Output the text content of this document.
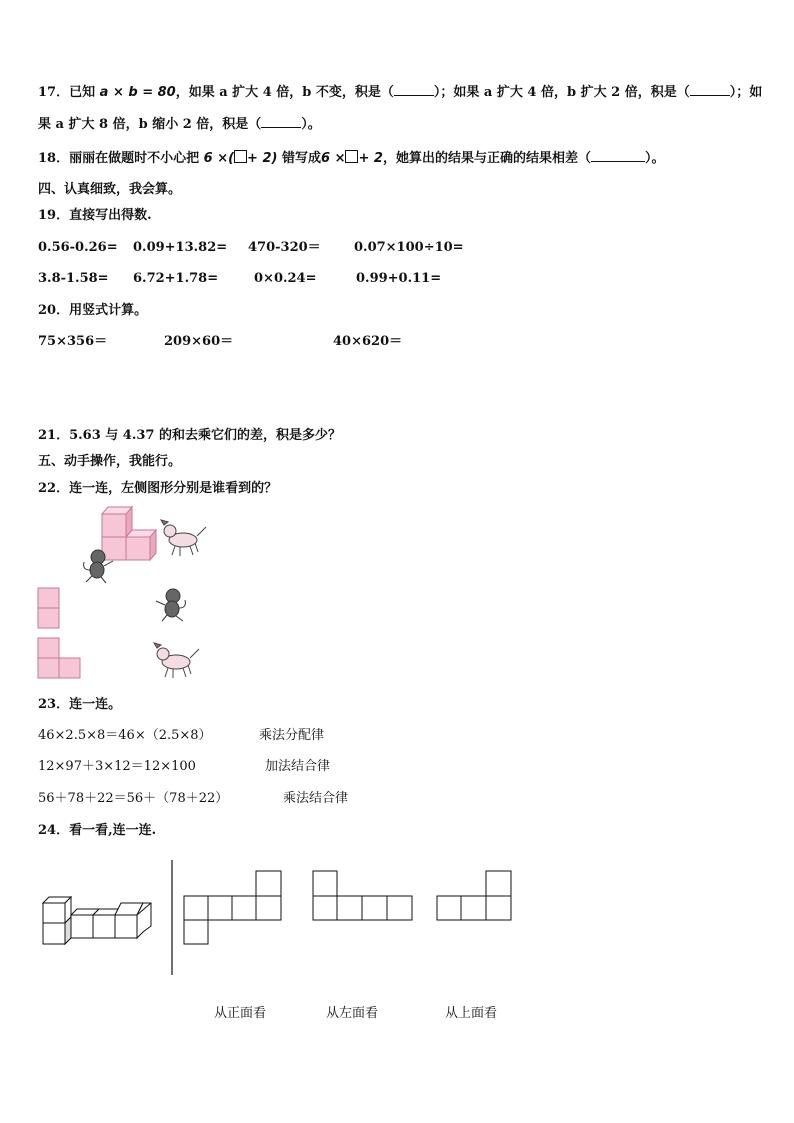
17．已知 a × b = 80，如果 a 扩大 4 倍，b 不变，积是（	）；如果 a 扩大 4 倍，b 扩大 2 倍，积是（	）；如
果 a 扩大 8 倍，b 缩小 2 倍，积是（	）。
18．丽丽在做题时不小心把 6 ×( + 2) 错写成6 × + 2，她算出的结果与正确的结果相差（	）。
四、认真细致，我会算。
19．直接写出得数.
0.56-0.26= 0.09+13.82= 470-320＝	0.07×100÷10=
3.8-1.58= 6.72+1.78=	0×0.24=	0.99+0.11=
20．用竖式计算。
75×356＝	209×60＝	40×620＝
21．5.63 与 4.37 的和去乘它们的差，积是多少？
五、动手操作，我能行。
22．连一连，左侧图形分别是谁看到的？
23．连一连。
46×2.5×8＝46×（2.5×8）	乘法分配律
12×97＋3×12＝12×100	加法结合律
56＋78＋22＝56＋（78＋22）	乘法结合律
24．看一看,连一连.
从正面看	从左面看	从上面看
